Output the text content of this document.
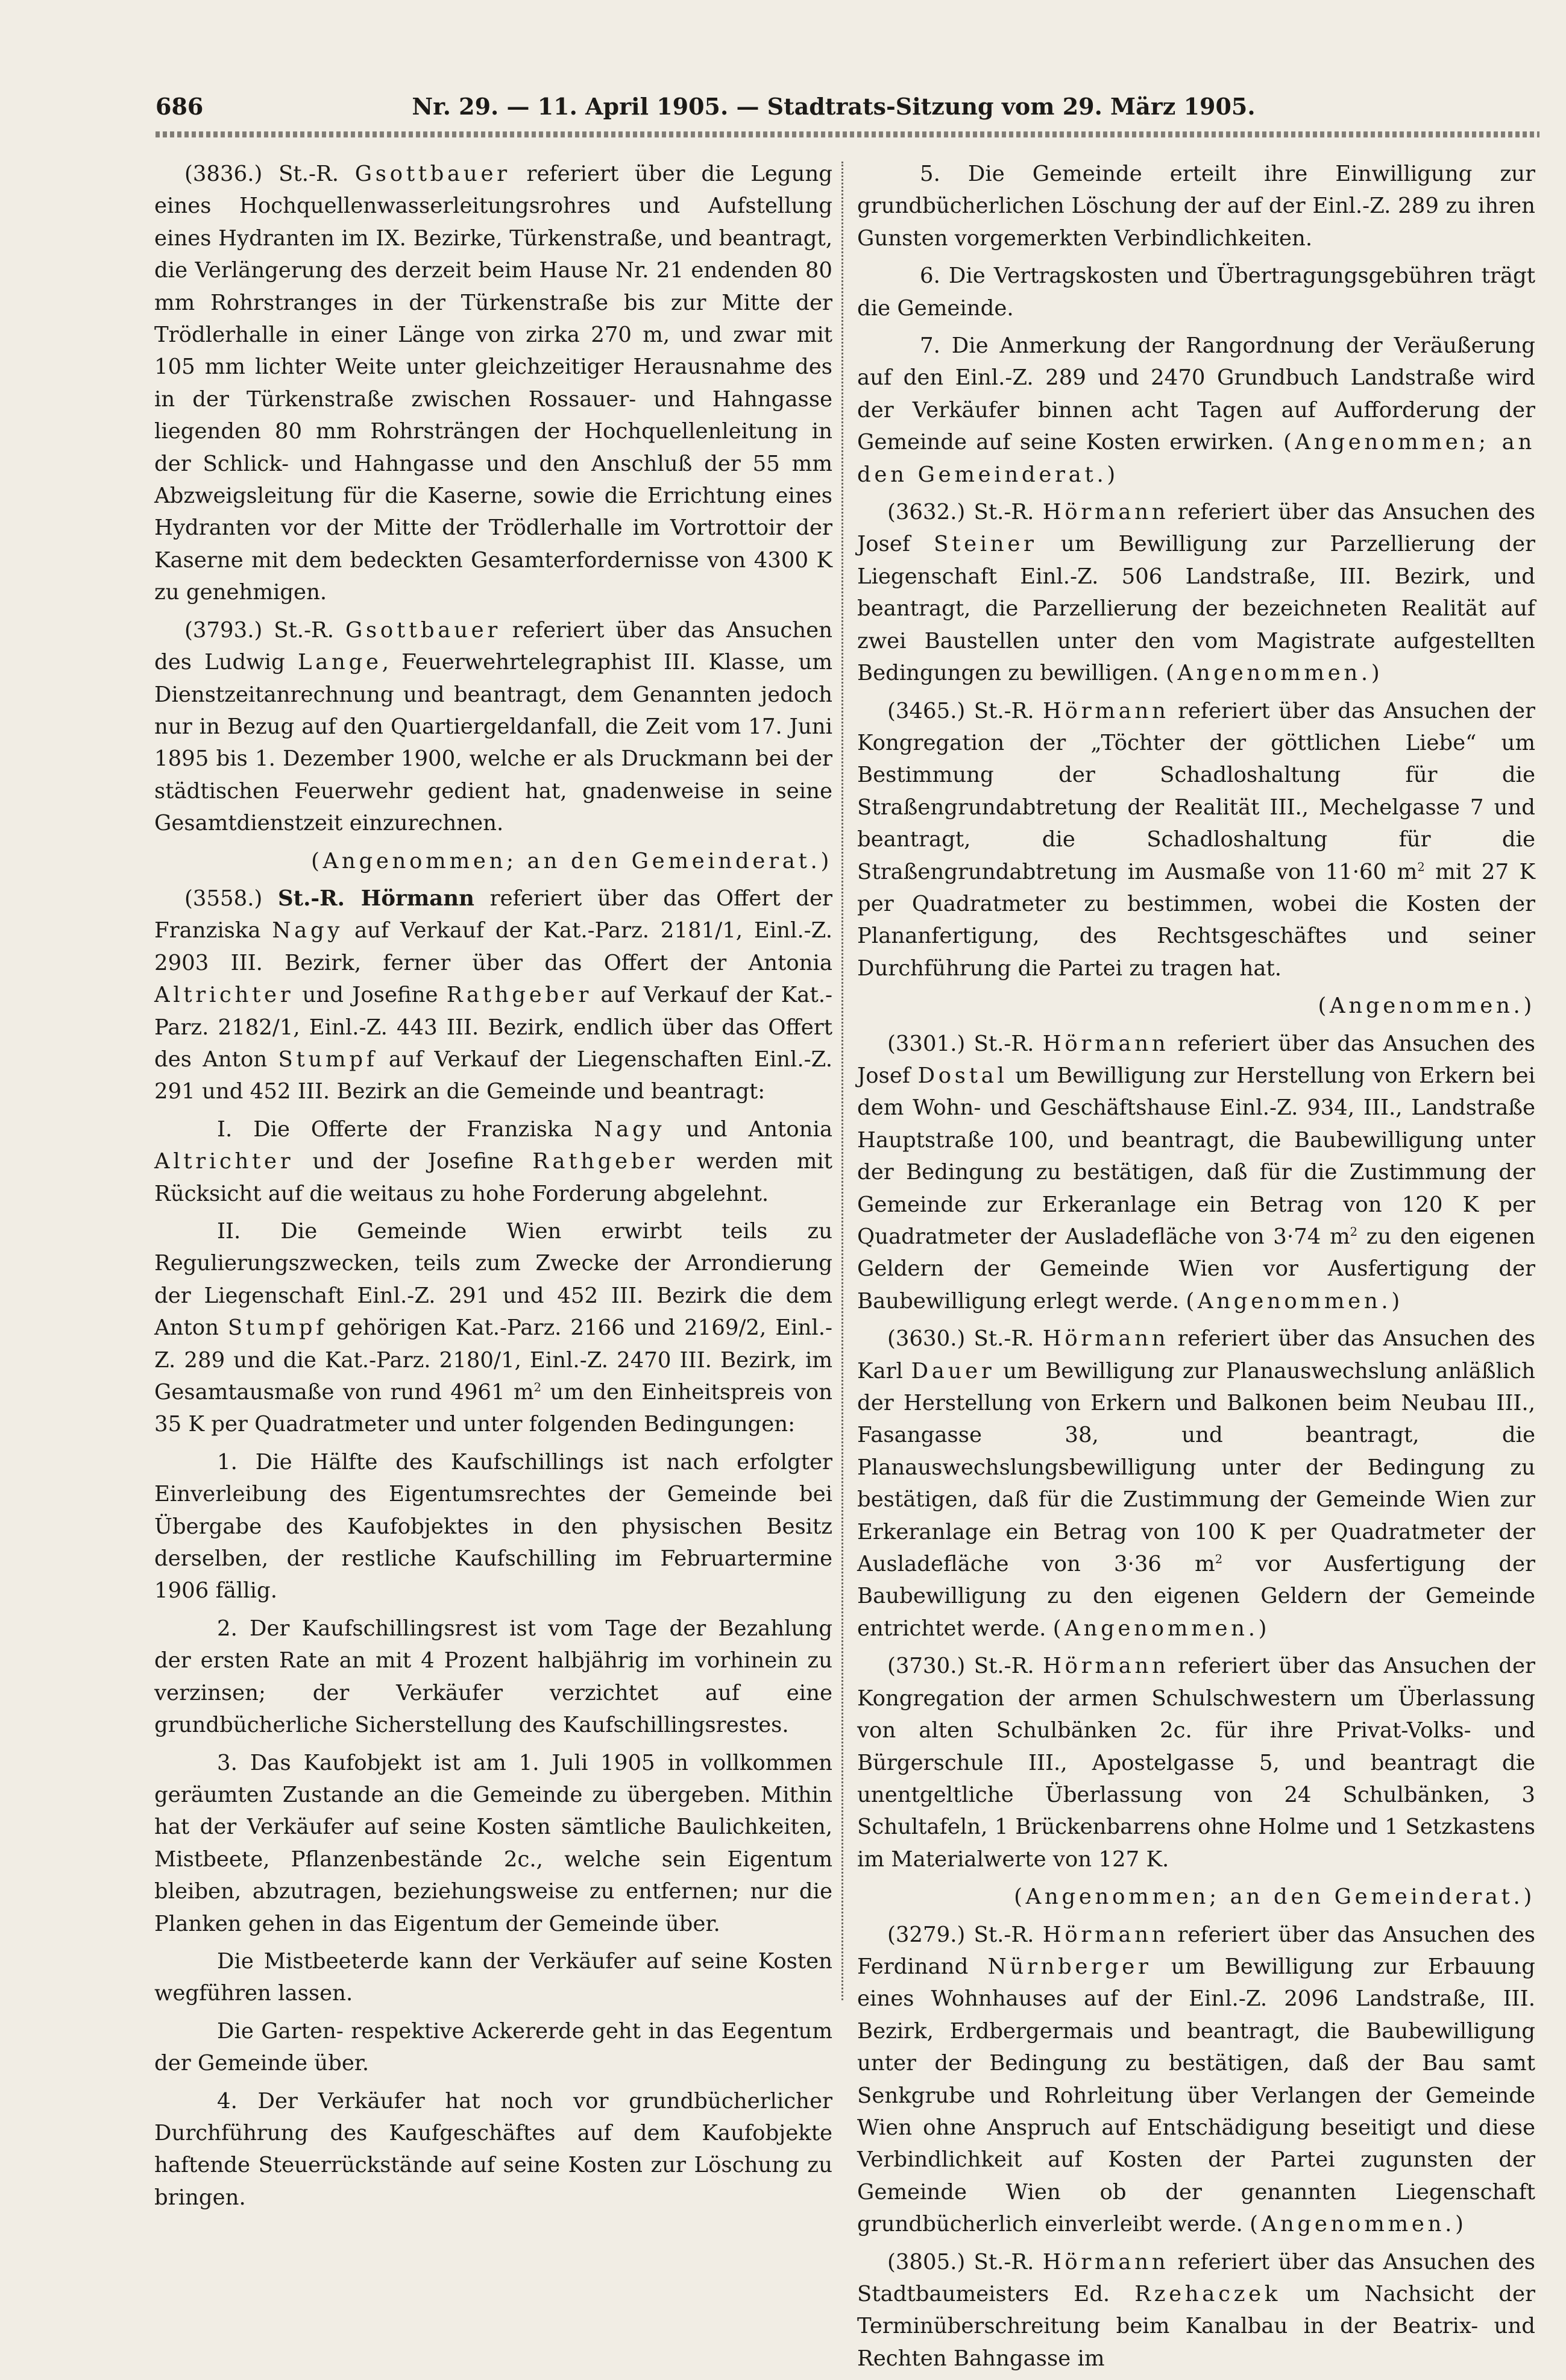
686	Nr. 29. — 11. April 1905. — Stadtrats-Sitzung vom 29. März 1905.

(3836.) St.-R. Gsottbauer referiert über die Legung eines Hochquellenwasserleitungsrohres und Aufstellung eines Hydranten im IX. Bezirke, Türkenstraße, und beantragt, die Verlängerung des derzeit beim Hause Nr. 21 endenden 80 mm Rohrstranges in der Türkenstraße bis zur Mitte der Trödlerhalle in einer Länge von zirka 270 m, und zwar mit 105 mm lichter Weite unter gleichzeitiger Herausnahme des in der Türkenstraße zwischen Rossauer- und Hahngasse liegenden 80 mm Rohrsträngen der Hochquellenleitung in der Schlick- und Hahngasse und den Anschluß der 55 mm Abzweigsleitung für die Kaserne, sowie die Errichtung eines Hydranten vor der Mitte der Trödlerhalle im Vortrottoir der Kaserne mit dem bedeckten Gesamterfordernisse von 4300 K zu genehmigen.

(3793.) St.-R. Gsottbauer referiert über das Ansuchen des Ludwig Lange, Feuerwehrtelegraphist III. Klasse, um Dienstzeitanrechnung und beantragt, dem Genannten jedoch nur in Bezug auf den Quartiergeldanfall, die Zeit vom 17. Juni 1895 bis 1. Dezember 1900, welche er als Druckmann bei der städtischen Feuerwehr gedient hat, gnadenweise in seine Gesamtdienstzeit einzurechnen.

(Angenommen; an den Gemeinderat.)

(3558.) St.-R. Hörmann referiert über das Offert der Franziska Nagy auf Verkauf der Kat.-Parz. 2181/1, Einl.-Z. 2903 III. Bezirk, ferner über das Offert der Antonia Altrichter und Josefine Rathgeber auf Verkauf der Kat.-Parz. 2182/1, Einl.-Z. 443 III. Bezirk, endlich über das Offert des Anton Stumpf auf Verkauf der Liegenschaften Einl.-Z. 291 und 452 III. Bezirk an die Gemeinde und beantragt:

I. Die Offerte der Franziska Nagy und Antonia Altrichter und der Josefine Rathgeber werden mit Rücksicht auf die weitaus zu hohe Forderung abgelehnt.

II. Die Gemeinde Wien erwirbt teils zu Regulierungszwecken, teils zum Zwecke der Arrondierung der Liegenschaft Einl.-Z. 291 und 452 III. Bezirk die dem Anton Stumpf gehörigen Kat.-Parz. 2166 und 2169/2, Einl.-Z. 289 und die Kat.-Parz. 2180/1, Einl.-Z. 2470 III. Bezirk, im Gesamtausmaße von rund 4961 $m^2$ um den Einheitspreis von 35 K per Quadratmeter und unter folgenden Bedingungen:

1. Die Hälfte des Kaufschillings ist nach erfolgter Einverleibung des Eigentumsrechtes der Gemeinde bei Übergabe des Kaufobjektes in den physischen Besitz derselben, der restliche Kaufschilling im Februartermine 1906 fällig.

2. Der Kaufschillingsrest ist vom Tage der Bezahlung der ersten Rate an mit 4 Prozent halbjährig im vorhinein zu verzinsen; der Verkäufer verzichtet auf eine grundbücherliche Sicherstellung des Kaufschillingsrestes.

3. Das Kaufobjekt ist am 1. Juli 1905 in vollkommen geräumten Zustande an die Gemeinde zu übergeben. Mithin hat der Verkäufer auf seine Kosten sämtliche Baulichkeiten, Mistbeete, Pflanzenbestände 2c., welche sein Eigentum bleiben, abzutragen, beziehungsweise zu entfernen; nur die Planken gehen in das Eigentum der Gemeinde über.

Die Mistbeeterde kann der Verkäufer auf seine Kosten wegführen lassen.

Die Garten- respektive Ackererde geht in das Eegentum der Gemeinde über.

4. Der Verkäufer hat noch vor grundbücherlicher Durchführung des Kaufgeschäftes auf dem Kaufobjekte haftende Steuerrückstände auf seine Kosten zur Löschung zu bringen.

5. Die Gemeinde erteilt ihre Einwilligung zur grundbücherlichen Löschung der auf der Einl.-Z. 289 zu ihren Gunsten vorgemerkten Verbindlichkeiten.

6. Die Vertragskosten und Übertragungsgebühren trägt die Gemeinde.

7. Die Anmerkung der Rangordnung der Veräußerung auf den Einl.-Z. 289 und 2470 Grundbuch Landstraße wird der Verkäufer binnen acht Tagen auf Aufforderung der Gemeinde auf seine Kosten erwirken. (Angenommen; an den Gemeinderat.)

(3632.) St.-R. Hörmann referiert über das Ansuchen des Josef Steiner um Bewilligung zur Parzellierung der Liegenschaft Einl.-Z. 506 Landstraße, III. Bezirk, und beantragt, die Parzellierung der bezeichneten Realität auf zwei Baustellen unter den vom Magistrate aufgestellten Bedingungen zu bewilligen. (Angenommen.)

(3465.) St.-R. Hörmann referiert über das Ansuchen der Kongregation der „Töchter der göttlichen Liebe“ um Bestimmung der Schadloshaltung für die Straßengrundabtretung der Realität III., Mechelgasse 7 und beantragt, die Schadloshaltung für die Straßengrundabtretung im Ausmaße von 11·60 $m^2$ mit 27 K per Quadratmeter zu bestimmen, wobei die Kosten der Plananfertigung, des Rechtsgeschäftes und seiner Durchführung die Partei zu tragen hat.

(Angenommen.)

(3301.) St.-R. Hörmann referiert über das Ansuchen des Josef Dostal um Bewilligung zur Herstellung von Erkern bei dem Wohn- und Geschäftshause Einl.-Z. 934, III., Landstraße Hauptstraße 100, und beantragt, die Baubewilligung unter der Bedingung zu bestätigen, daß für die Zustimmung der Gemeinde zur Erkeranlage ein Betrag von 120 K per Quadratmeter der Ausladefläche von 3·74 $m^2$ zu den eigenen Geldern der Gemeinde Wien vor Ausfertigung der Baubewilligung erlegt werde. (Angenommen.)

(3630.) St.-R. Hörmann referiert über das Ansuchen des Karl Dauer um Bewilligung zur Planauswechslung anläßlich der Herstellung von Erkern und Balkonen beim Neubau III., Fasangasse 38, und beantragt, die Planauswechslungsbewilligung unter der Bedingung zu bestätigen, daß für die Zustimmung der Gemeinde Wien zur Erkeranlage ein Betrag von 100 K per Quadratmeter der Ausladefläche von 3·36 $m^2$ vor Ausfertigung der Baubewilligung zu den eigenen Geldern der Gemeinde entrichtet werde. (Angenommen.)

(3730.) St.-R. Hörmann referiert über das Ansuchen der Kongregation der armen Schulschwestern um Überlassung von alten Schulbänken 2c. für ihre Privat-Volks- und Bürgerschule III., Apostelgasse 5, und beantragt die unentgeltliche Überlassung von 24 Schulbänken, 3 Schultafeln, 1 Brückenbarrens ohne Holme und 1 Setzkastens im Materialwerte von 127 K.

(Angenommen; an den Gemeinderat.)

(3279.) St.-R. Hörmann referiert über das Ansuchen des Ferdinand Nürnberger um Bewilligung zur Erbauung eines Wohnhauses auf der Einl.-Z. 2096 Landstraße, III. Bezirk, Erdbergermais und beantragt, die Baubewilligung unter der Bedingung zu bestätigen, daß der Bau samt Senkgrube und Rohrleitung über Verlangen der Gemeinde Wien ohne Anspruch auf Entschädigung beseitigt und diese Verbindlichkeit auf Kosten der Partei zugunsten der Gemeinde Wien ob der genannten Liegenschaft grundbücherlich einverleibt werde. (Angenommen.)

(3805.) St.-R. Hörmann referiert über das Ansuchen des Stadtbaumeisters Ed. Rzehaczek um Nachsicht der Terminüberschreitung beim Kanalbau in der Beatrix- und Rechten Bahngasse im
